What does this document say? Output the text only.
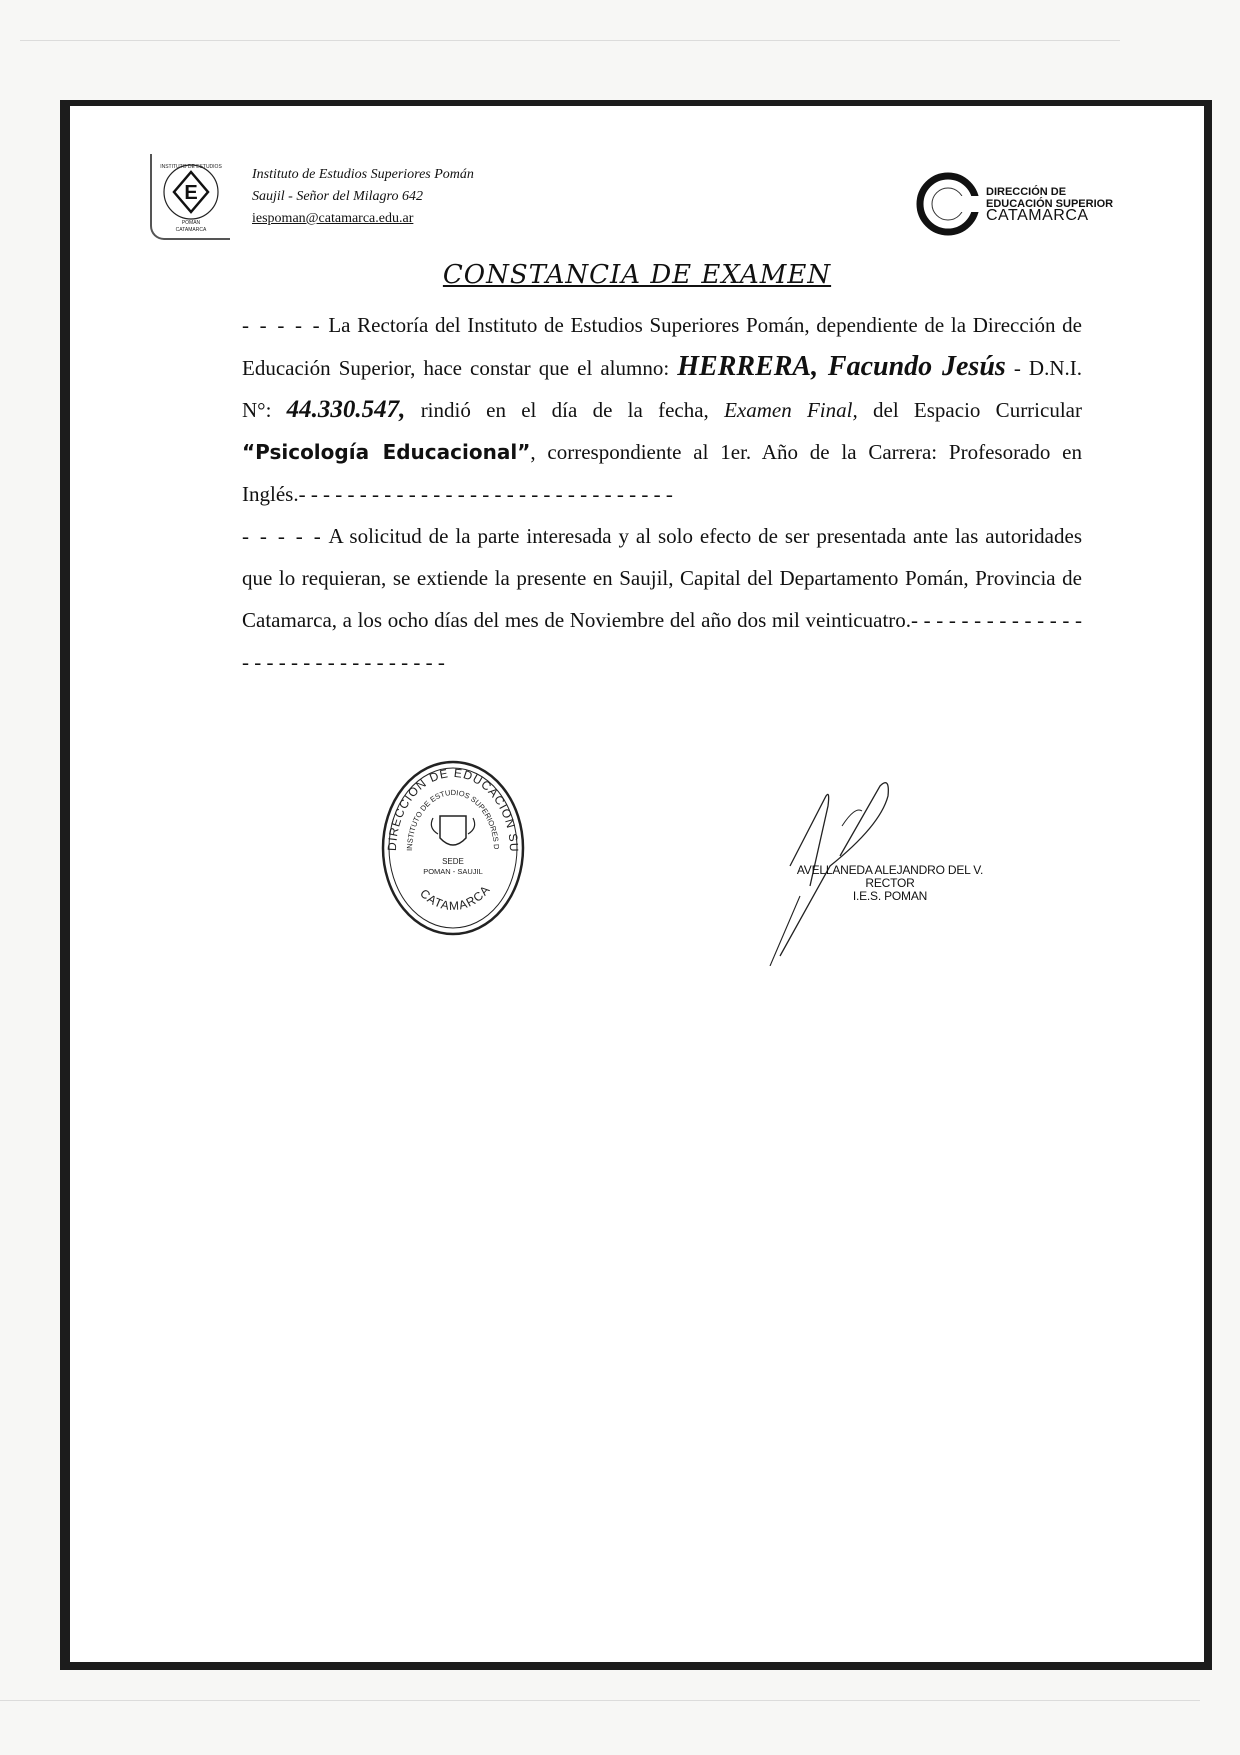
E
INSTITUTO DE ESTUDIOS
POMAN
CATAMARCA
Instituto de Estudios Superiores Pomán
Saujil - Señor del Milagro 642
iespoman@catamarca.edu.ar
DIRECCIÓN DE
EDUCACIÓN SUPERIOR
CATAMARCA
CONSTANCIA DE EXAMEN

- - - - - La Rectoría del Instituto de Estudios Superiores Pomán, dependiente de la Dirección de Educación Superior, hace constar que el alumno: HERRERA, Facundo Jesús - D.N.I. N°: 44.330.547, rindió en el día de la fecha, Examen Final, del Espacio Curricular “Psicología Educacional”, correspondiente al 1er. Año de la Carrera: Profesorado en Inglés.- - - - - - - - - - - - - - - - - - - - - - - - - - - - - - -

- - - - - A solicitud de la parte interesada y al solo efecto de ser presentada ante las autoridades que lo requieran, se extiende la presente en Saujil, Capital del Departamento Pomán, Provincia de Catamarca, a los ocho días del mes de Noviembre del año dos mil veinticuatro.- - - - - - - - - - - - - - - - - - - - - - - - - - - - - - -

DIRECCION DE EDUCACION SU
INSTITUTO DE ESTUDIOS SUPERIORES D
SEDE
POMAN - SAUJIL
CATAMARCA
AVELLANEDA ALEJANDRO DEL V.
RECTOR
I.E.S. POMAN
